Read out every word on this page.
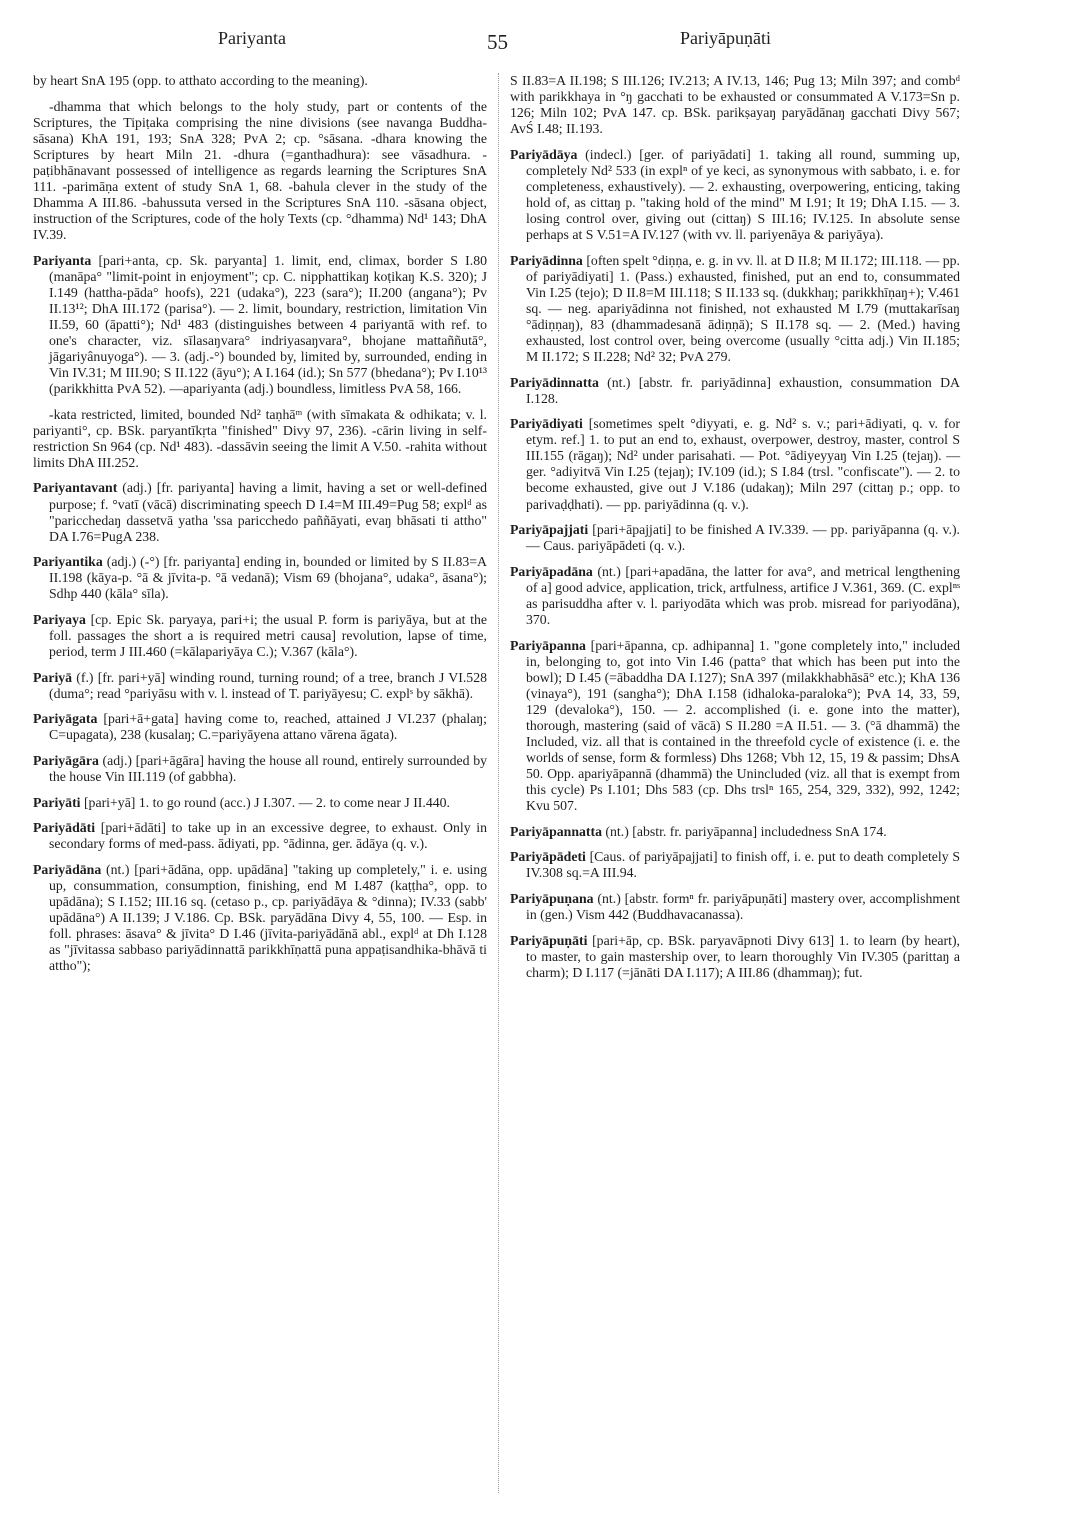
Pariyanta	55	Pariyāpuṇāti

by heart SnA 195 (opp. to atthato according to the meaning).

-dhamma that which belongs to the holy study, part or contents of the Scriptures, the Tipiṭaka comprising the nine divisions (see navanga Buddha-sāsana) KhA 191, 193; SnA 328; PvA 2; cp. °sāsana. -dhara knowing the Scriptures by heart Miln 21. -dhura (=ganthadhura): see vāsadhura. -paṭibhānavant possessed of intelligence as regards learning the Scriptures SnA 111. -parimāṇa extent of study SnA 1, 68. -bahula clever in the study of the Dhamma A III.86. -bahussuta versed in the Scriptures SnA 110. -sāsana object, instruction of the Scriptures, code of the holy Texts (cp. °dhamma) Nd¹ 143; DhA IV.39.

Pariyanta [pari+anta, cp. Sk. paryanta] 1. limit, end, climax, border S I.80 (manāpa° "limit-point in enjoyment"; cp. C. nipphattikaŋ koṭikaŋ K.S. 320); J I.149 (hattha-pāda° hoofs), 221 (udaka°), 223 (sara°); II.200 (angana°); Pv II.13¹²; DhA III.172 (parisa°). — 2. limit, boundary, restriction, limitation Vin II.59, 60 (āpatti°); Nd¹ 483 (distinguishes between 4 pariyantā with ref. to one's character, viz. sīlasaŋvara° indriyasaŋvara°, bhojane mattaññutā°, jāgariyânuyoga°). — 3. (adj.-°) bounded by, limited by, surrounded, ending in Vin IV.31; M III.90; S II.122 (āyu°); A I.164 (id.); Sn 577 (bhedana°); Pv I.10¹³ (parikkhitta PvA 52). —apariyanta (adj.) boundless, limitless PvA 58, 166.

-kata restricted, limited, bounded Nd² taṇhāᵐ (with sīmakata & odhikata; v. l. pariyanti°, cp. BSk. paryantīkṛta "finished" Divy 97, 236). -cārin living in self-restriction Sn 964 (cp. Nd¹ 483). -dassāvin seeing the limit A V.50. -rahita without limits DhA III.252.

Pariyantavant (adj.) [fr. pariyanta] having a limit, having a set or well-defined purpose; f. °vatī (vācā) discriminating speech D I.4=M III.49=Pug 58; explᵈ as "paricchedaŋ dassetvā yatha 'ssa paricchedo paññāyati, evaŋ bhāsati ti attho" DA I.76=PugA 238.

Pariyantika (adj.) (-°) [fr. pariyanta] ending in, bounded or limited by S II.83=A II.198 (kāya-p. °ā & jīvita-p. °ā vedanā); Vism 69 (bhojana°, udaka°, āsana°); Sdhp 440 (kāla° sīla).

Pariyaya [cp. Epic Sk. paryaya, pari+i; the usual P. form is pariyāya, but at the foll. passages the short a is required metri causa] revolution, lapse of time, period, term J III.460 (=kālapariyāya C.); V.367 (kāla°).

Pariyā (f.) [fr. pari+yā] winding round, turning round; of a tree, branch J VI.528 (duma°; read °pariyāsu with v. l. instead of T. pariyāyesu; C. explˢ by sākhā).

Pariyāgata [pari+ā+gata] having come to, reached, attained J VI.237 (phalaŋ; C=upagata), 238 (kusalaŋ; C.=pariyāyena attano vārena āgata).

Pariyāgāra (adj.) [pari+āgāra] having the house all round, entirely surrounded by the house Vin III.119 (of gabbha).

Pariyāti [pari+yā] 1. to go round (acc.) J I.307. — 2. to come near J II.440.

Pariyādāti [pari+ādāti] to take up in an excessive degree, to exhaust. Only in secondary forms of med-pass. ādiyati, pp. °ādinna, ger. ādāya (q. v.).

Pariyādāna (nt.) [pari+ādāna, opp. upādāna] "taking up completely," i. e. using up, consummation, consumption, finishing, end M I.487 (kaṭṭha°, opp. to upādāna); S I.152; III.16 sq. (cetaso p., cp. pariyādāya & °dinna); IV.33 (sabb' upādāna°) A II.139; J V.186. Cp. BSk. paryādāna Divy 4, 55, 100. — Esp. in foll. phrases: āsava° & jīvita° D I.46 (jīvita-pariyādānā abl., explᵈ at Dh I.128 as "jīvitassa sabbaso pariyādinnattā parikkhīṇattā puna appaṭisandhika-bhāvā ti attho");

S II.83=A II.198; S III.126; IV.213; A IV.13, 146; Pug 13; Miln 397; and combᵈ with parikkhaya in °ŋ gacchati to be exhausted or consummated A V.173=Sn p. 126; Miln 102; PvA 147. cp. BSk. parikṣayaŋ paryādānaŋ gacchati Divy 567; AvŚ I.48; II.193.

Pariyādāya (indecl.) [ger. of pariyādati] 1. taking all round, summing up, completely Nd² 533 (in explⁿ of ye keci, as synonymous with sabbato, i. e. for completeness, exhaustively). — 2. exhausting, overpowering, enticing, taking hold of, as cittaŋ p. "taking hold of the mind" M I.91; It 19; DhA I.15. — 3. losing control over, giving out (cittaŋ) S III.16; IV.125. In absolute sense perhaps at S V.51=A IV.127 (with vv. ll. pariyenāya & pariyāya).

Pariyādinna [often spelt °diṇṇa, e. g. in vv. ll. at D II.8; M II.172; III.118. — pp. of pariyādiyati] 1. (Pass.) exhausted, finished, put an end to, consummated Vin I.25 (tejo); D II.8=M III.118; S II.133 sq. (dukkhaŋ; parikkhīṇaŋ+); V.461 sq. — neg. apariyādinna not finished, not exhausted M I.79 (muttakarīsaŋ °ādiṇṇaŋ), 83 (dhammadesanā ādiṇṇā); S II.178 sq. — 2. (Med.) having exhausted, lost control over, being overcome (usually °citta adj.) Vin II.185; M II.172; S II.228; Nd² 32; PvA 279.

Pariyādinnatta (nt.) [abstr. fr. pariyādinna] exhaustion, consummation DA I.128.

Pariyādiyati [sometimes spelt °diyyati, e. g. Nd² s. v.; pari+ādiyati, q. v. for etym. ref.] 1. to put an end to, exhaust, overpower, destroy, master, control S III.155 (rāgaŋ); Nd² under parisahati. — Pot. °ādiyeyyaŋ Vin I.25 (tejaŋ). — ger. °adiyitvā Vin I.25 (tejaŋ); IV.109 (id.); S I.84 (trsl. "confiscate"). — 2. to become exhausted, give out J V.186 (udakaŋ); Miln 297 (cittaŋ p.; opp. to parivaḍḍhati). — pp. pariyādinna (q. v.).

Pariyāpajjati [pari+āpajjati] to be finished A IV.339. — pp. pariyāpanna (q. v.). — Caus. pariyāpādeti (q. v.).

Pariyāpadāna (nt.) [pari+apadāna, the latter for ava°, and metrical lengthening of a] good advice, application, trick, artfulness, artifice J V.361, 369. (C. explⁿˢ as parisuddha after v. l. pariyodāta which was prob. misread for pariyodāna), 370.

Pariyāpanna [pari+āpanna, cp. adhipanna] 1. "gone completely into," included in, belonging to, got into Vin I.46 (patta° that which has been put into the bowl); D I.45 (=ābaddha DA I.127); SnA 397 (milakkhabhāsā° etc.); KhA 136 (vinaya°), 191 (sangha°); DhA I.158 (idhaloka-paraloka°); PvA 14, 33, 59, 129 (devaloka°), 150. — 2. accomplished (i. e. gone into the matter), thorough, mastering (said of vācā) S II.280 =A II.51. — 3. (°ā dhammā) the Included, viz. all that is contained in the threefold cycle of existence (i. e. the worlds of sense, form & formless) Dhs 1268; Vbh 12, 15, 19 & passim; DhsA 50. Opp. apariyāpannā (dhammā) the Unincluded (viz. all that is exempt from this cycle) Ps I.101; Dhs 583 (cp. Dhs trslⁿ 165, 254, 329, 332), 992, 1242; Kvu 507.

Pariyāpannatta (nt.) [abstr. fr. pariyāpanna] includedness SnA 174.

Pariyāpādeti [Caus. of pariyāpajjati] to finish off, i. e. put to death completely S IV.308 sq.=A III.94.

Pariyāpuṇana (nt.) [abstr. formⁿ fr. pariyāpuṇāti] mastery over, accomplishment in (gen.) Vism 442 (Buddhavacanassa).

Pariyāpuṇāti [pari+āp, cp. BSk. paryavāpnoti Divy 613] 1. to learn (by heart), to master, to gain mastership over, to learn thoroughly Vin IV.305 (parittaŋ a charm); D I.117 (=jānāti DA I.117); A III.86 (dhammaŋ); fut.
